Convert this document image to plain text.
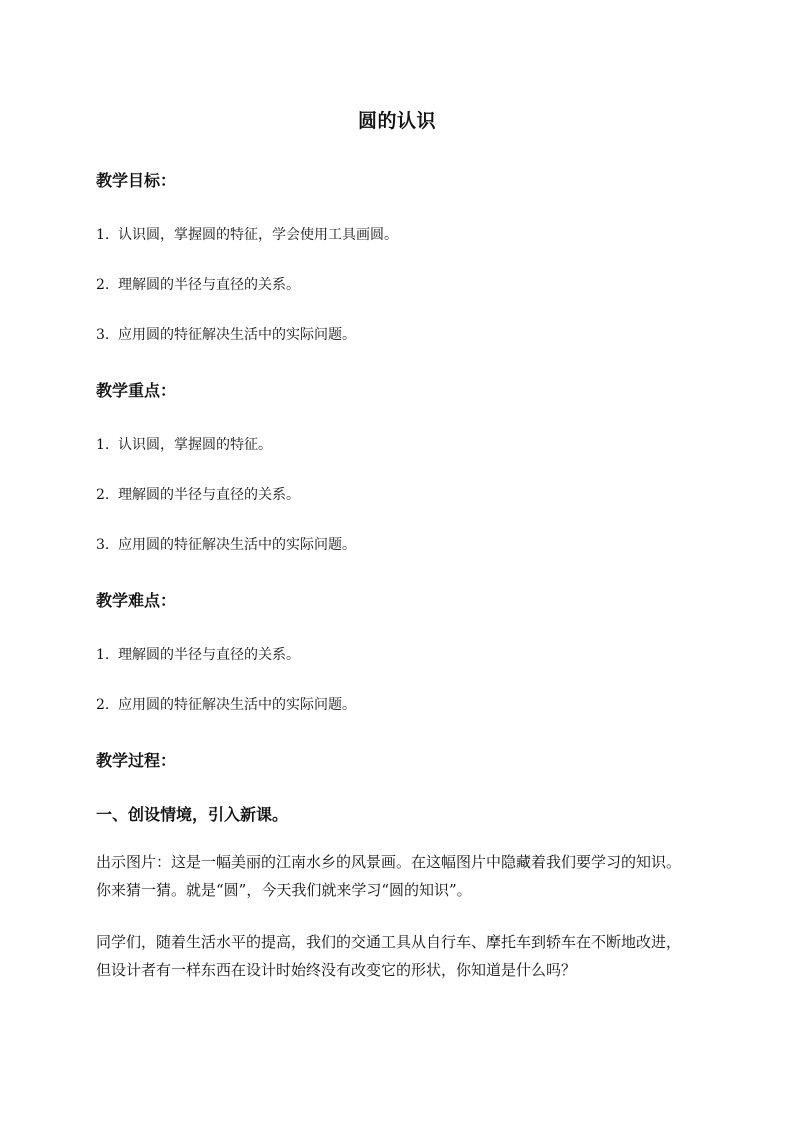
圆的认识
教学目标：
1. 认识圆，掌握圆的特征，学会使用工具画圆。
2. 理解圆的半径与直径的关系。
3. 应用圆的特征解决生活中的实际问题。
教学重点：
1. 认识圆，掌握圆的特征。
2. 理解圆的半径与直径的关系。
3. 应用圆的特征解决生活中的实际问题。
教学难点：
1. 理解圆的半径与直径的关系。
2. 应用圆的特征解决生活中的实际问题。
教学过程：
一、创设情境，引入新课。
出示图片：这是一幅美丽的江南水乡的风景画。在这幅图片中隐藏着我们要学习的知识。
你来猜一猜。就是“圆”，今天我们就来学习“圆的知识”。
同学们，随着生活水平的提高，我们的交通工具从自行车、摩托车到轿车在不断地改进，
但设计者有一样东西在设计时始终没有改变它的形状，你知道是什么吗？
